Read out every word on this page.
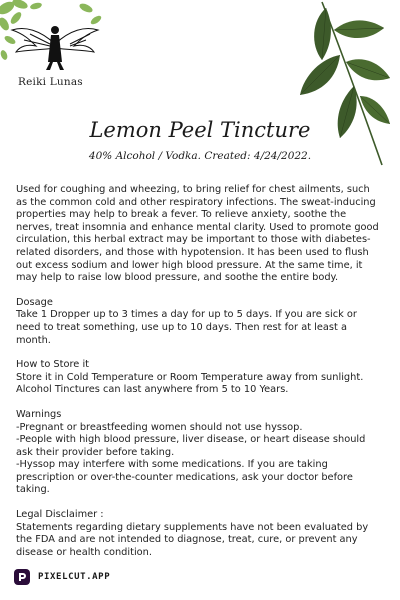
Reiki Lunas
Lemon Peel Tincture
40% Alcohol / Vodka. Created: 4/24/2022.

Used for coughing and wheezing, to bring relief for chest ailments, such as the common cold and other respiratory infections. The sweat-inducing properties may help to break a fever. To relieve anxiety, soothe the nerves, treat insomnia and enhance mental clarity. Used to promote good circulation, this herbal extract may be important to those with diabetes-related disorders, and those with hypotension. It has been used to flush out excess sodium and lower high blood pressure. At the same time, it may help to raise low blood pressure, and soothe the entire body.

Dosage

Take 1 Dropper up to 3 times a day for up to 5 days. If you are sick or need to treat something, use up to 10 days. Then rest for at least a month.

How to Store it

Store it in Cold Temperature or Room Temperature away from sunlight. Alcohol Tinctures can last anywhere from 5 to 10 Years.

Warnings

-Pregnant or breastfeeding women should not use hyssop.

-People with high blood pressure, liver disease, or heart disease should ask their provider before taking.

-Hyssop may interfere with some medications. If you are taking prescription or over-the-counter medications, ask your doctor before taking.

Legal Disclaimer :

Statements regarding dietary supplements have not been evaluated by the FDA and are not intended to diagnose, treat, cure, or prevent any disease or health condition.

PIXELCUT.APP
